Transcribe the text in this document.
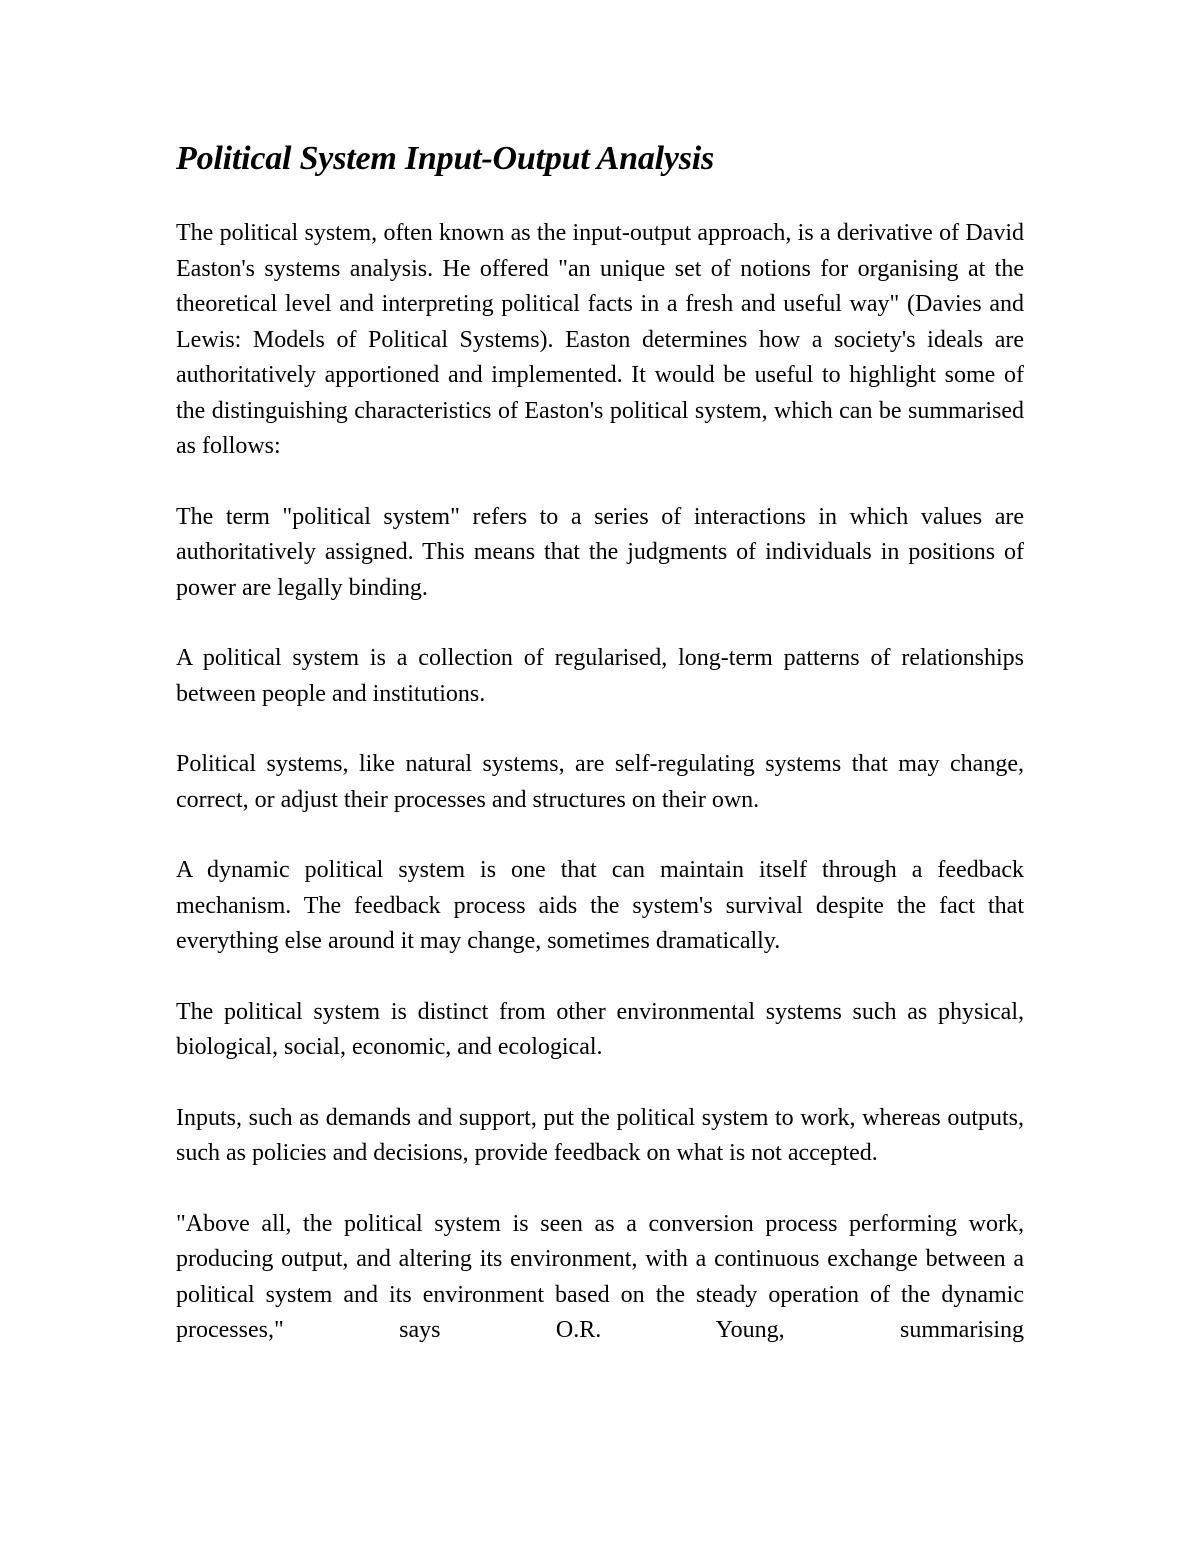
Political System Input-Output Analysis

The political system, often known as the input-output approach, is a derivative of David Easton's systems analysis. He offered "an unique set of notions for organising at the theoretical level and interpreting political facts in a fresh and useful way" (Davies and Lewis: Models of Political Systems). Easton determines how a society's ideals are authoritatively apportioned and implemented. It would be useful to highlight some of the distinguishing characteristics of Easton's political system, which can be summarised as follows:

The term "political system" refers to a series of interactions in which values are authoritatively assigned. This means that the judgments of individuals in positions of power are legally binding.

A political system is a collection of regularised, long-term patterns of relationships between people and institutions.

Political systems, like natural systems, are self-regulating systems that may change, correct, or adjust their processes and structures on their own.

A dynamic political system is one that can maintain itself through a feedback mechanism. The feedback process aids the system's survival despite the fact that everything else around it may change, sometimes dramatically.

The political system is distinct from other environmental systems such as physical, biological, social, economic, and ecological.

Inputs, such as demands and support, put the political system to work, whereas outputs, such as policies and decisions, provide feedback on what is not accepted.

"Above all, the political system is seen as a conversion process performing work, producing output, and altering its environment, with a continuous exchange between a political system and its environment based on the steady operation of the dynamic processes," says O.R. Young, summarising
